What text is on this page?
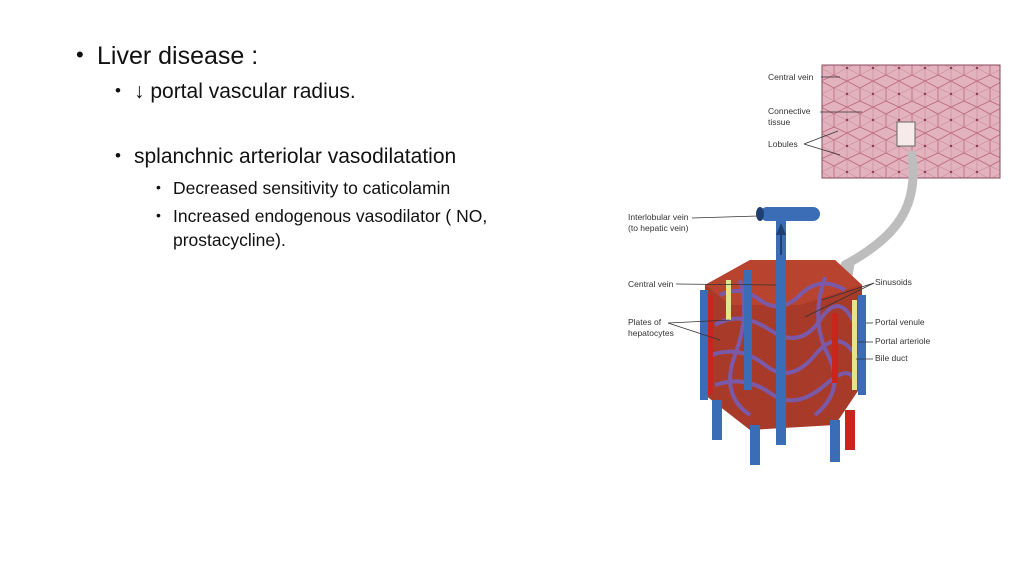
• Liver disease :
• ↓ portal vascular radius.
• splanchnic arteriolar vasodilatation
• Decreased sensitivity to caticolamin
• Increased endogenous vasodilator ( NO,
prostacycline).
Central vein
Connective
tissue
Lobules
Interlobular vein
(to hepatic vein)
Central vein
Plates of
hepatocytes
Sinusoids
Portal venule
Portal arteriole
Bile duct
